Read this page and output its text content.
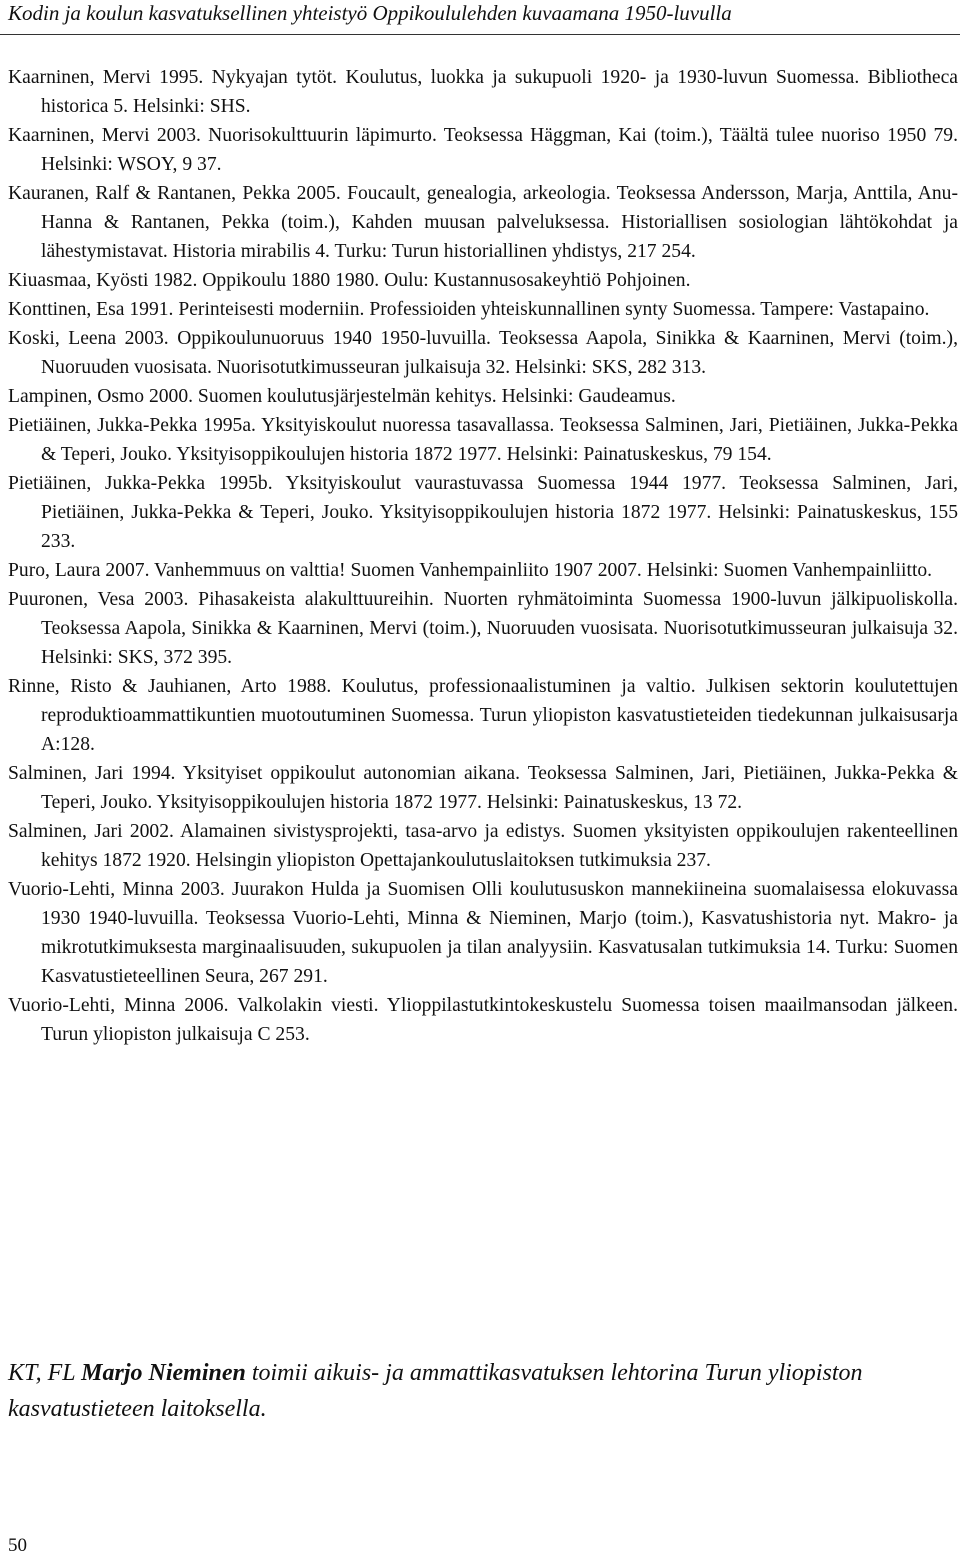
Kodin ja koulun kasvatuksellinen yhteistyö Oppikoululehden kuvaamana 1950-luvulla
Kaarninen, Mervi 1995. Nykyajan tytöt. Koulutus, luokka ja sukupuoli 1920- ja 1930-luvun Suomessa. Bibliotheca historica 5. Helsinki: SHS.
Kaarninen, Mervi 2003. Nuorisokulttuurin läpimurto. Teoksessa Häggman, Kai (toim.), Täältä tulee nuoriso 1950 79. Helsinki: WSOY, 9 37.
Kauranen, Ralf & Rantanen, Pekka 2005. Foucault, genealogia, arkeologia. Teoksessa Andersson, Marja, Anttila, Anu-Hanna & Rantanen, Pekka (toim.), Kahden muusan palveluksessa. Historiallisen sosiologian lähtökohdat ja lähestymistavat. Historia mirabilis 4. Turku: Turun historiallinen yhdistys, 217 254.
Kiuasmaa, Kyösti 1982. Oppikoulu 1880 1980. Oulu: Kustannusosakeyhtiö Pohjoinen.
Konttinen, Esa 1991. Perinteisesti moderniin. Professioiden yhteiskunnallinen synty Suomessa. Tampere: Vastapaino.
Koski, Leena 2003. Oppikoulunuoruus 1940 1950-luvuilla. Teoksessa Aapola, Sinikka & Kaarninen, Mervi (toim.), Nuoruuden vuosisata. Nuorisotutkimusseuran julkaisuja 32. Helsinki: SKS, 282 313.
Lampinen, Osmo 2000. Suomen koulutusjärjestelmän kehitys. Helsinki: Gaudeamus.
Pietiäinen, Jukka-Pekka 1995a. Yksityiskoulut nuoressa tasavallassa. Teoksessa Salminen, Jari, Pietiäinen, Jukka-Pekka & Teperi, Jouko. Yksityisoppikoulujen historia 1872 1977. Helsinki: Painatuskeskus, 79 154.
Pietiäinen, Jukka-Pekka 1995b. Yksityiskoulut vaurastuvassa Suomessa 1944 1977. Teoksessa Salminen, Jari, Pietiäinen, Jukka-Pekka & Teperi, Jouko. Yksityisoppikoulujen historia 1872 1977. Helsinki: Painatuskeskus, 155 233.
Puro, Laura 2007. Vanhemmuus on valttia! Suomen Vanhempainliito 1907 2007. Helsinki: Suomen Vanhempainliitto.
Puuronen, Vesa 2003. Pihasakeista alakulttuureihin. Nuorten ryhmätoiminta Suomessa 1900-luvun jälkipuoliskolla. Teoksessa Aapola, Sinikka & Kaarninen, Mervi (toim.), Nuoruuden vuosisata. Nuorisotutkimusseuran julkaisuja 32. Helsinki: SKS, 372 395.
Rinne, Risto & Jauhianen, Arto 1988. Koulutus, professionaalistuminen ja valtio. Julkisen sektorin koulutettujen reproduktioammattikuntien muotoutuminen Suomessa. Turun yliopiston kasvatustieteiden tiedekunnan julkaisusarja A:128.
Salminen, Jari 1994. Yksityiset oppikoulut autonomian aikana. Teoksessa Salminen, Jari, Pietiäinen, Jukka-Pekka & Teperi, Jouko. Yksityisoppikoulujen historia 1872 1977. Helsinki: Painatuskeskus, 13 72.
Salminen, Jari 2002. Alamainen sivistysprojekti, tasa-arvo ja edistys. Suomen yksityisten oppikoulujen rakenteellinen kehitys 1872 1920. Helsingin yliopiston Opettajankoulutuslaitoksen tutkimuksia 237.
Vuorio-Lehti, Minna 2003. Juurakon Hulda ja Suomisen Olli koulutususkon mannekiineina suomalaisessa elokuvassa 1930 1940-luvuilla. Teoksessa Vuorio-Lehti, Minna & Nieminen, Marjo (toim.), Kasvatushistoria nyt. Makro- ja mikrotutkimuksesta marginaalisuuden, sukupuolen ja tilan analyysiin. Kasvatusalan tutkimuksia 14. Turku: Suomen Kasvatustieteellinen Seura, 267 291.
Vuorio-Lehti, Minna 2006. Valkolakin viesti. Ylioppilastutkintokeskustelu Suomessa toisen maailmansodan jälkeen. Turun yliopiston julkaisuja C 253.
KT, FL Marjo Nieminen toimii aikuis- ja ammattikasvatuksen lehtorina Turun yliopiston kasvatustieteen laitoksella.
50
